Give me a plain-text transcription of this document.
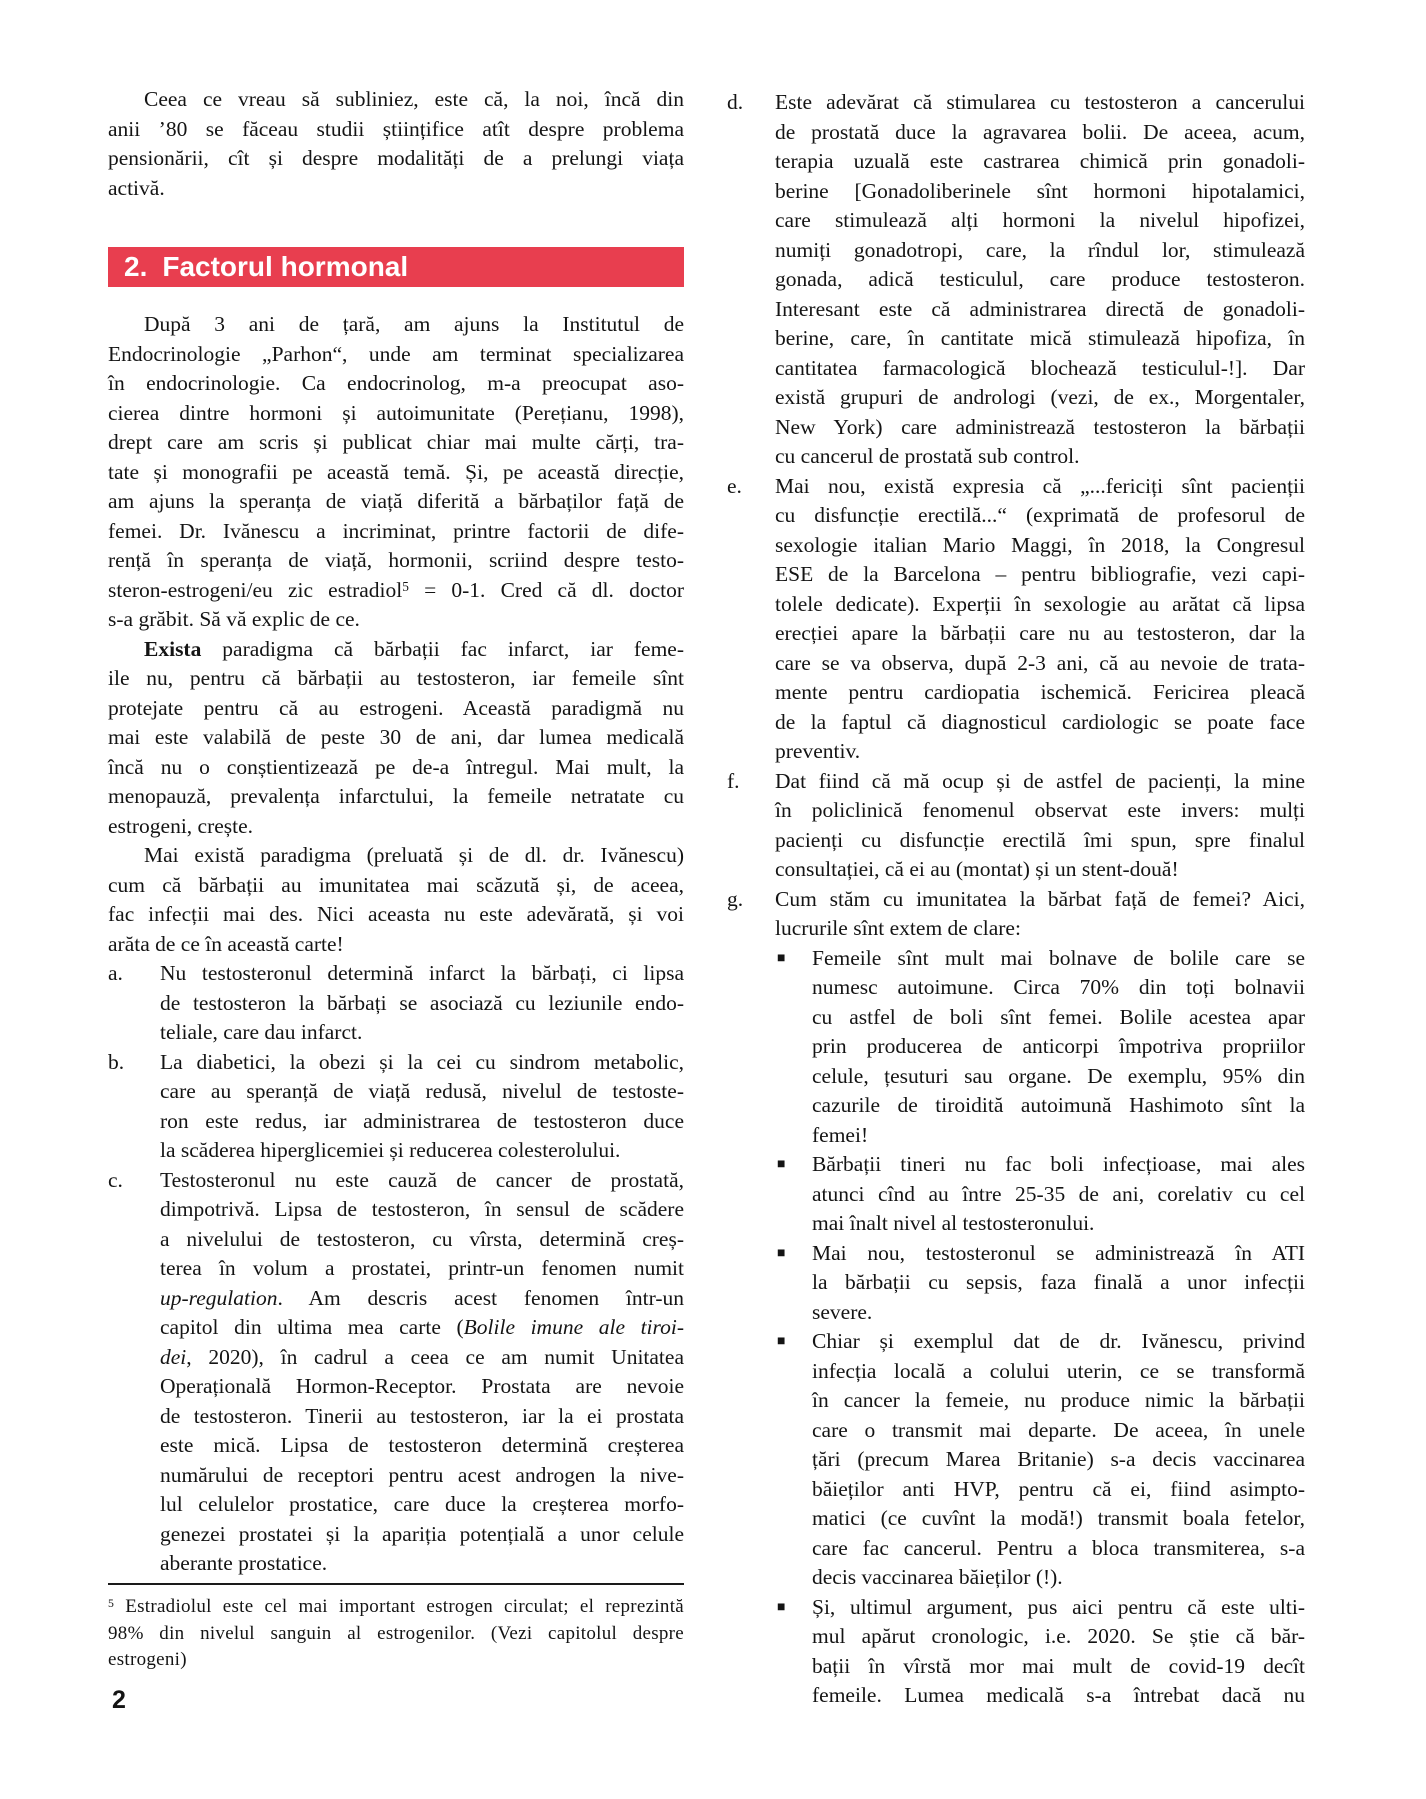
Ceea ce vreau să subliniez, este că, la noi, încă din
anii ’80 se făceau studii științifice atît despre problema
pensionării, cît și despre modalități de a prelungi viața
activă.

2. Factorul hormonal

După 3 ani de țară, am ajuns la Institutul de
Endocrinologie „Parhon“, unde am terminat specializarea
în endocrinologie. Ca endocrinolog, m-a preocupat aso-
cierea dintre hormoni și autoimunitate (Perețianu, 1998),
drept care am scris și publicat chiar mai multe cărți, tra-
tate și monografii pe această temă. Și, pe această direcție,
am ajuns la speranța de viață diferită a bărbaților față de
femei. Dr. Ivănescu a incriminat, printre factorii de dife-
rență în speranța de viață, hormonii, scriind despre testo-
steron-estrogeni/eu zic estradiol$^5$ = 0-1. Cred că dl. doctor
s-a grăbit. Să vă explic de ce.

Exista paradigma că bărbații fac infarct, iar feme-
ile nu, pentru că bărbații au testosteron, iar femeile sînt
protejate pentru că au estrogeni. Această paradigmă nu
mai este valabilă de peste 30 de ani, dar lumea medicală
încă nu o conștientizează pe de-a întregul. Mai mult, la
menopauză, prevalența infarctului, la femeile netratate cu
estrogeni, crește.

Mai există paradigma (preluată și de dl. dr. Ivănescu)
cum că bărbații au imunitatea mai scăzută și, de aceea,
fac infecții mai des. Nici aceasta nu este adevărată, și voi
arăta de ce în această carte!

a. Nu testosteronul determină infarct la bărbați, ci lipsa
de testosteron la bărbați se asociază cu leziunile endo-
teliale, care dau infarct.
b. La diabetici, la obezi și la cei cu sindrom metabolic,
care au speranță de viață redusă, nivelul de testoste-
ron este redus, iar administrarea de testosteron duce
la scăderea hiperglicemiei și reducerea colesterolului.
c. Testosteronul nu este cauză de cancer de prostată,
dimpotrivă. Lipsa de testosteron, în sensul de scădere
a nivelului de testosteron, cu vîrsta, determină creș-
terea în volum a prostatei, printr-un fenomen numit
up-regulation. Am descris acest fenomen într-un
capitol din ultima mea carte (Bolile imune ale tiroi-
dei, 2020), în cadrul a ceea ce am numit Unitatea
Operațională Hormon-Receptor. Prostata are nevoie
de testosteron. Tinerii au testosteron, iar la ei prostata
este mică. Lipsa de testosteron determină creșterea
numărului de receptori pentru acest androgen la nive-
lul celulelor prostatice, care duce la creșterea morfo-
genezei prostatei și la apariția potențială a unor celule
aberante prostatice.
d. Este adevărat că stimularea cu testosteron a cancerului
de prostată duce la agravarea bolii. De aceea, acum,
terapia uzuală este castrarea chimică prin gonadoli-
berine [Gonadoliberinele sînt hormoni hipotalamici,
care stimulează alți hormoni la nivelul hipofizei,
numiți gonadotropi, care, la rîndul lor, stimulează
gonada, adică testiculul, care produce testosteron.
Interesant este că administrarea directă de gonadoli-
berine, care, în cantitate mică stimulează hipofiza, în
cantitatea farmacologică blochează testiculul-!]. Dar
există grupuri de andrologi (vezi, de ex., Morgentaler,
New York) care administrează testosteron la bărbații
cu cancerul de prostată sub control.
e. Mai nou, există expresia că „...fericiți sînt pacienții
cu disfuncție erectilă...“ (exprimată de profesorul de
sexologie italian Mario Maggi, în 2018, la Congresul
ESE de la Barcelona – pentru bibliografie, vezi capi-
tolele dedicate). Experții în sexologie au arătat că lipsa
erecției apare la bărbații care nu au testosteron, dar la
care se va observa, după 2-3 ani, că au nevoie de trata-
mente pentru cardiopatia ischemică. Fericirea pleacă
de la faptul că diagnosticul cardiologic se poate face
preventiv.
f. Dat fiind că mă ocup și de astfel de pacienți, la mine
în policlinică fenomenul observat este invers: mulți
pacienți cu disfuncție erectilă îmi spun, spre finalul
consultației, că ei au (montat) și un stent-două!
g. Cum stăm cu imunitatea la bărbat față de femei? Aici,
lucrurile sînt extem de clare:
■ Femeile sînt mult mai bolnave de bolile care se
numesc autoimune. Circa 70% din toți bolnavii
cu astfel de boli sînt femei. Bolile acestea apar
prin producerea de anticorpi împotriva propriilor
celule, țesuturi sau organe. De exemplu, 95% din
cazurile de tiroidită autoimună Hashimoto sînt la
femei!
■ Bărbații tineri nu fac boli infecțioase, mai ales
atunci cînd au între 25-35 de ani, corelativ cu cel
mai înalt nivel al testosteronului.
■ Mai nou, testosteronul se administrează în ATI
la bărbații cu sepsis, faza finală a unor infecții
severe.
■ Chiar și exemplul dat de dr. Ivănescu, privind
infecția locală a colului uterin, ce se transformă
în cancer la femeie, nu produce nimic la bărbații
care o transmit mai departe. De aceea, în unele
țări (precum Marea Britanie) s-a decis vaccinarea
băieților anti HVP, pentru că ei, fiind asimpto-
matici (ce cuvînt la modă!) transmit boala fetelor,
care fac cancerul. Pentru a bloca transmiterea, s-a
decis vaccinarea băieților (!).
■ Și, ultimul argument, pus aici pentru că este ulti-
mul apărut cronologic, i.e. 2020. Se știe că băr-
bații în vîrstă mor mai mult de covid-19 decît
femeile. Lumea medicală s-a întrebat dacă nu
$^5$ Estradiolul este cel mai important estrogen circulat; el reprezintă
98% din nivelul sanguin al estrogenilor. (Vezi capitolul despre
estrogeni)
2
